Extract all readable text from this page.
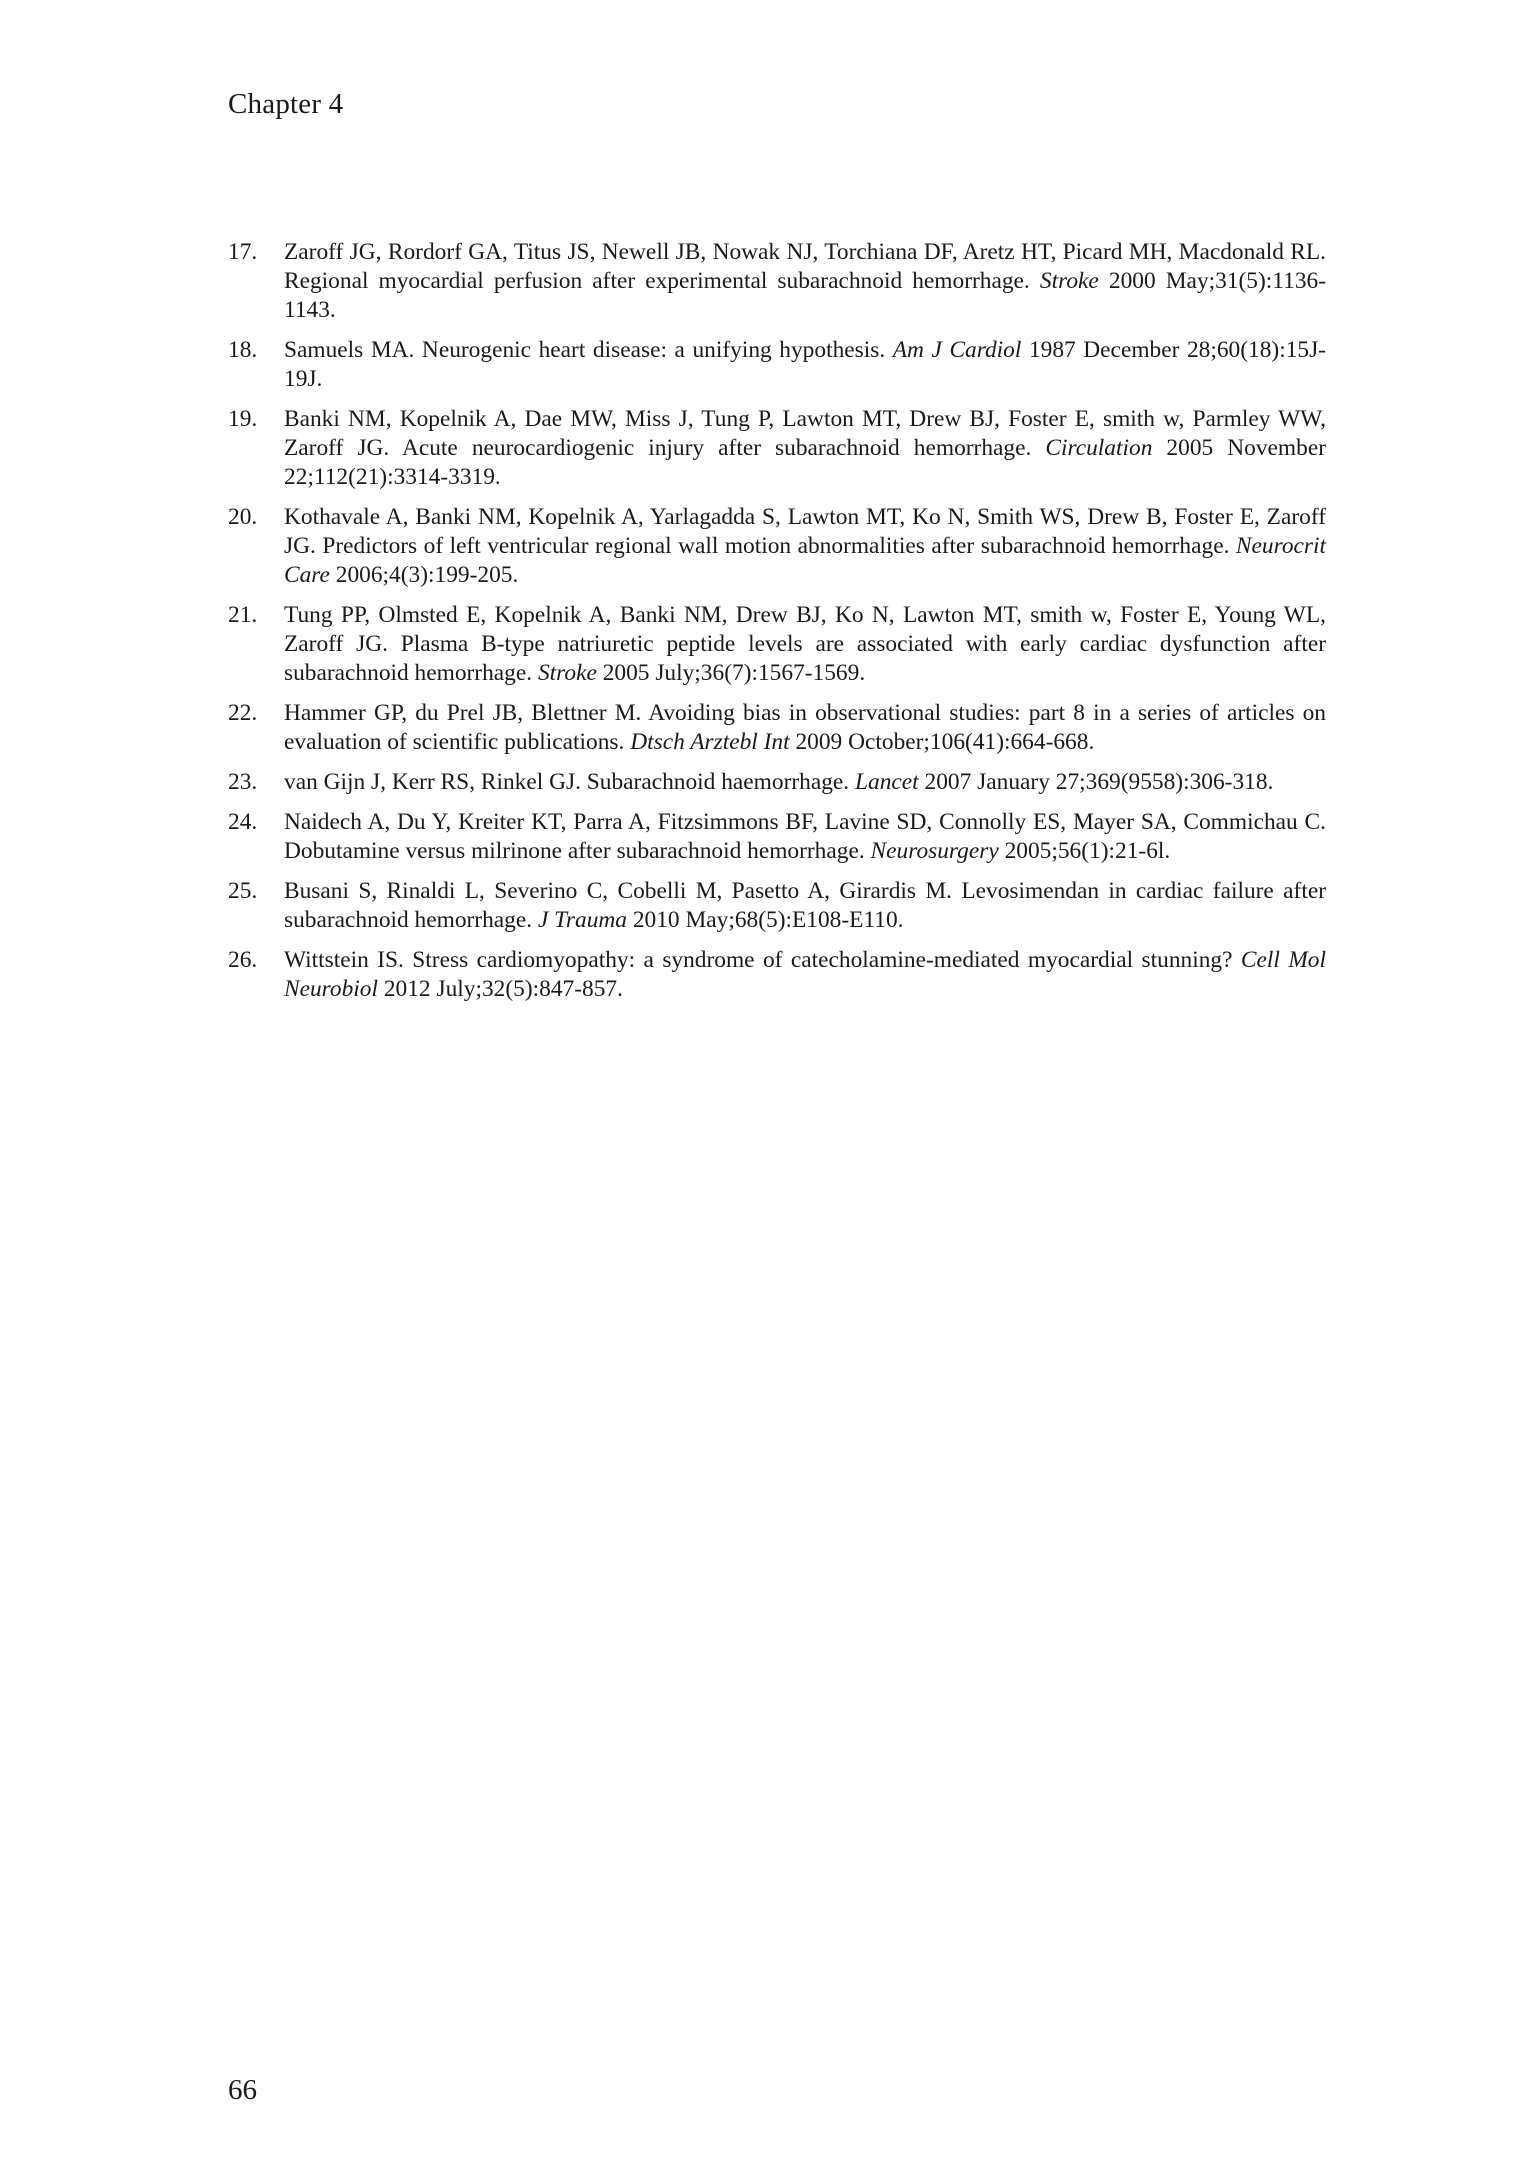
Chapter 4
17.	Zaroff JG, Rordorf GA, Titus JS, Newell JB, Nowak NJ, Torchiana DF, Aretz HT, Picard MH, Macdonald RL. Regional myocardial perfusion after experimental subarachnoid hemorrhage. Stroke 2000 May;31(5):1136-1143.
18.	Samuels MA. Neurogenic heart disease: a unifying hypothesis. Am J Cardiol 1987 December 28;60(18):15J-19J.
19.	Banki NM, Kopelnik A, Dae MW, Miss J, Tung P, Lawton MT, Drew BJ, Foster E, smith w, Parmley WW, Zaroff JG. Acute neurocardiogenic injury after subarachnoid hemorrhage. Circulation 2005 November 22;112(21):3314-3319.
20.	Kothavale A, Banki NM, Kopelnik A, Yarlagadda S, Lawton MT, Ko N, Smith WS, Drew B, Foster E, Zaroff JG. Predictors of left ventricular regional wall motion abnormalities after subarachnoid hemorrhage. Neurocrit Care 2006;4(3):199-205.
21.	Tung PP, Olmsted E, Kopelnik A, Banki NM, Drew BJ, Ko N, Lawton MT, smith w, Foster E, Young WL, Zaroff JG. Plasma B-type natriuretic peptide levels are associated with early cardiac dysfunction after subarachnoid hemorrhage. Stroke 2005 July;36(7):1567-1569.
22.	Hammer GP, du Prel JB, Blettner M. Avoiding bias in observational studies: part 8 in a series of articles on evaluation of scientific publications. Dtsch Arztebl Int 2009 October;106(41):664-668.
23.	van Gijn J, Kerr RS, Rinkel GJ. Subarachnoid haemorrhage. Lancet 2007 January 27;369(9558):306-318.
24.	Naidech A, Du Y, Kreiter KT, Parra A, Fitzsimmons BF, Lavine SD, Connolly ES, Mayer SA, Commichau C. Dobutamine versus milrinone after subarachnoid hemorrhage. Neurosurgery 2005;56(1):21-6l.
25.	Busani S, Rinaldi L, Severino C, Cobelli M, Pasetto A, Girardis M. Levosimendan in cardiac failure after subarachnoid hemorrhage. J Trauma 2010 May;68(5):E108-E110.
26.	Wittstein IS. Stress cardiomyopathy: a syndrome of catecholamine-mediated myocardial stunning? Cell Mol Neurobiol 2012 July;32(5):847-857.
66
